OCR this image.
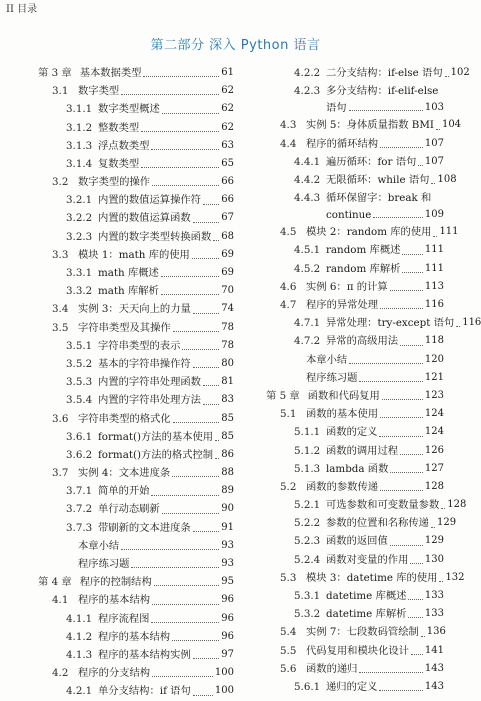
II 目录
第二部分 深入 Python 语言
第 3 章 基本数据类型	61
3.1 数字类型	62
3.1.1 数字类型概述	62
3.1.2 整数类型	62
3.1.3 浮点数类型	63
3.1.4 复数类型	65
3.2 数字类型的操作	66
3.2.1 内置的数值运算操作符 66
3.2.2 内置的数值运算函数	67
3.2.3 内置的数字类型转换函数 68
3.3 模块 1：math 库的使用	69
3.3.1 math 库概述	69
3.3.2 math 库解析	70
3.4 实例 3：天天向上的力量	74
3.5 字符串类型及其操作	78
3.5.1 字符串类型的表示	78
3.5.2 基本的字符串操作符	80
3.5.3 内置的字符串处理函数 81
3.5.4 内置的字符串处理方法 83
3.6 字符串类型的格式化	85
3.6.1 format()方法的基本使用 85
3.6.2 format()方法的格式控制 86
3.7 实例 4：文本进度条	88
3.7.1 简单的开始	89
3.7.2 单行动态刷新	90
3.7.3 带刷新的文本进度条	91
本章小结	93
程序练习题	93
第 4 章 程序的控制结构	95
4.1 程序的基本结构	96
4.1.1 程序流程图	96
4.1.2 程序的基本结构	96
4.1.3 程序的基本结构实例	97
4.2 程序的分支结构	100
4.2.1 单分支结构：if 语句 100
4.2.2 二分支结构：if-else 语句 102
4.2.3 多分支结构：if-elif-else
语句	103
4.3 实例 5：身体质量指数 BMI 104
4.4 程序的循环结构	107
4.4.1 遍历循环：for 语句 107
4.4.2 无限循环：while 语句 108
4.4.3 循环保留字：break 和
continue	109
4.5 模块 2：random 库的使用 111
4.5.1 random 库概述 111
4.5.2 random 库解析 111
4.6 实例 6：π 的计算	113
4.7 程序的异常处理	116
4.7.1 异常处理：try-except 语句 116
4.7.2 异常的高级用法	118
本章小结	120
程序练习题	121
第 5 章 函数和代码复用	123
5.1 函数的基本使用	124
5.1.1 函数的定义	124
5.1.2 函数的调用过程	126
5.1.3 lambda 函数	127
5.2 函数的参数传递	128
5.2.1 可选参数和可变数量参数 128
5.2.2 参数的位置和名称传递 129
5.2.3 函数的返回值	129
5.2.4 函数对变量的作用 130
5.3 模块 3：datetime 库的使用 132
5.3.1 datetime 库概述 133
5.3.2 datetime 库解析 133
5.4 实例 7：七段数码管绘制 136
5.5 代码复用和模块化设计 141
5.6 函数的递归	143
5.6.1 递归的定义	143
